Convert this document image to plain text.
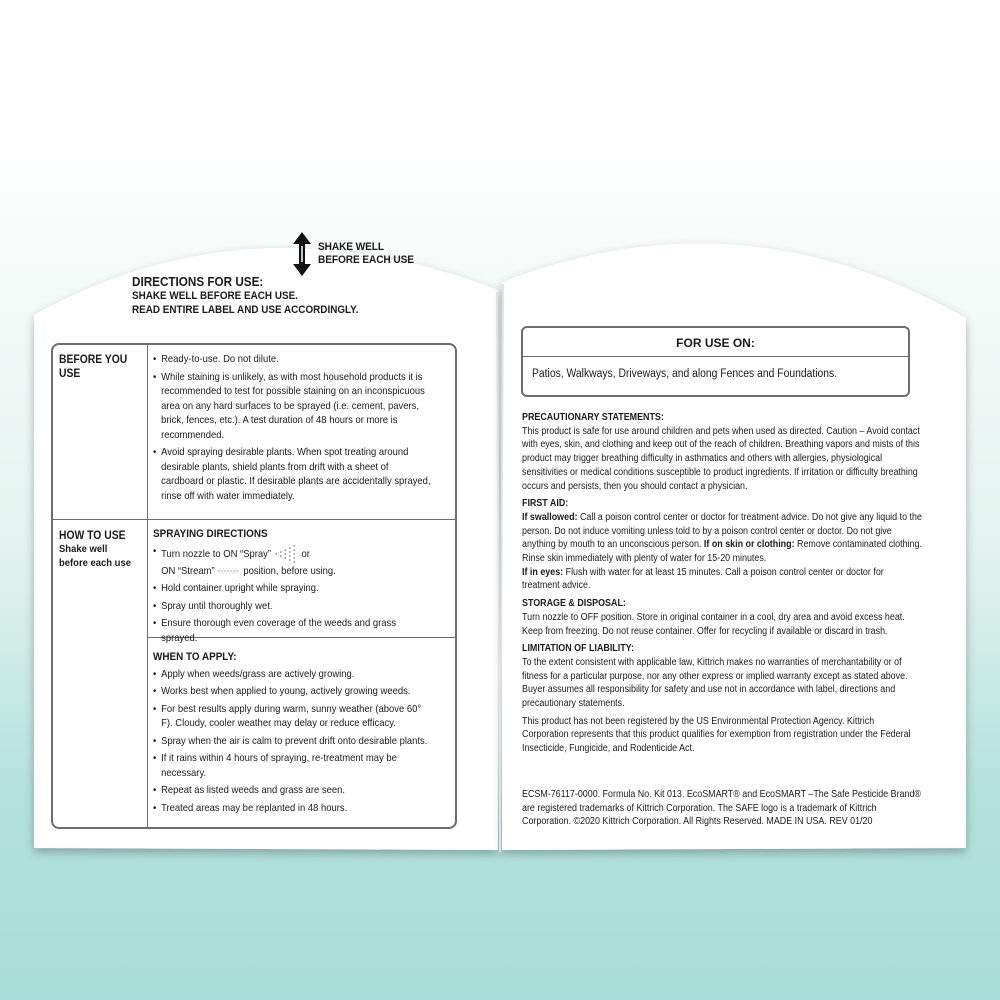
SHAKE WELL
BEFORE EACH USE
DIRECTIONS FOR USE:
SHAKE WELL BEFORE EACH USE.
READ ENTIRE LABEL AND USE ACCORDINGLY.
BEFORE YOU USE
• Ready-to-use. Do not dilute.
• While staining is unlikely, as with most household products it is recommended to test for possible staining on an inconspicuous area on any hard surfaces to be sprayed (i.e. cement, pavers, brick, fences, etc.). A test duration of 48 hours or more is recommended.
• Avoid spraying desirable plants. When spot treating around desirable plants, shield plants from drift with a sheet of cardboard or plastic. If desirable plants are accidentally sprayed, rinse off with water immediately.
HOW TO USE
Shake well before each use
SPRAYING DIRECTIONS
• Turn nozzle to ON “Spray”	or
ON “Stream”	position, before using.
• Hold container upright while spraying.
• Spray until thoroughly wet.
• Ensure thorough even coverage of the weeds and grass sprayed.
WHEN TO APPLY:
• Apply when weeds/grass are actively growing.
• Works best when applied to young, actively growing weeds.
• For best results apply during warm, sunny weather (above 60° F). Cloudy, cooler weather may delay or reduce efficacy.
• Spray when the air is calm to prevent drift onto desirable plants.
• If it rains within 4 hours of spraying, re-treatment may be necessary.
• Repeat as listed weeds and grass are seen.
• Treated areas may be replanted in 48 hours.
FOR USE ON:
Patios, Walkways, Driveways, and along Fences and Foundations.
PRECAUTIONARY STATEMENTS:

This product is safe for use around children and pets when used as directed. Caution – Avoid contact with eyes, skin, and clothing and keep out of the reach of children. Breathing vapors and mists of this product may trigger breathing difficulty in asthmatics and others with allergies, physiological sensitivities or medical conditions susceptible to product ingredients. If irritation or difficulty breathing occurs and persists, then you should contact a physician.

FIRST AID:

If swallowed: Call a poison control center or doctor for treatment advice. Do not give any liquid to the person. Do not induce vomiting unless told to by a poison control center or doctor. Do not give anything by mouth to an unconscious person. If on skin or clothing: Remove contaminated clothing. Rinse skin immediately with plenty of water for 15-20 minutes.
If in eyes: Flush with water for at least 15 minutes. Call a poison control center or doctor for treatment advice.

STORAGE & DISPOSAL:

Turn nozzle to OFF position. Store in original container in a cool, dry area and avoid excess heat. Keep from freezing. Do not reuse container. Offer for recycling if available or discard in trash.

LIMITATION OF LIABILITY:

To the extent consistent with applicable law, Kittrich makes no warranties of merchantability or of fitness for a particular purpose, nor any other express or implied warranty except as stated above. Buyer assumes all responsibility for safety and use not in accordance with label, directions and precautionary statements.

This product has not been registered by the US Environmental Protection Agency. Kittrich Corporation represents that this product qualifies for exemption from registration under the Federal Insecticide, Fungicide, and Rodenticide Act.

ECSM-76117-0000. Formula No. Kit 013. EcoSMART® and EcoSMART –The Safe Pesticide Brand® are registered trademarks of Kittrich Corporation. The SAFE logo is a trademark of Kittrich Corporation. ©2020 Kittrich Corporation. All Rights Reserved. MADE IN USA. REV 01/20
